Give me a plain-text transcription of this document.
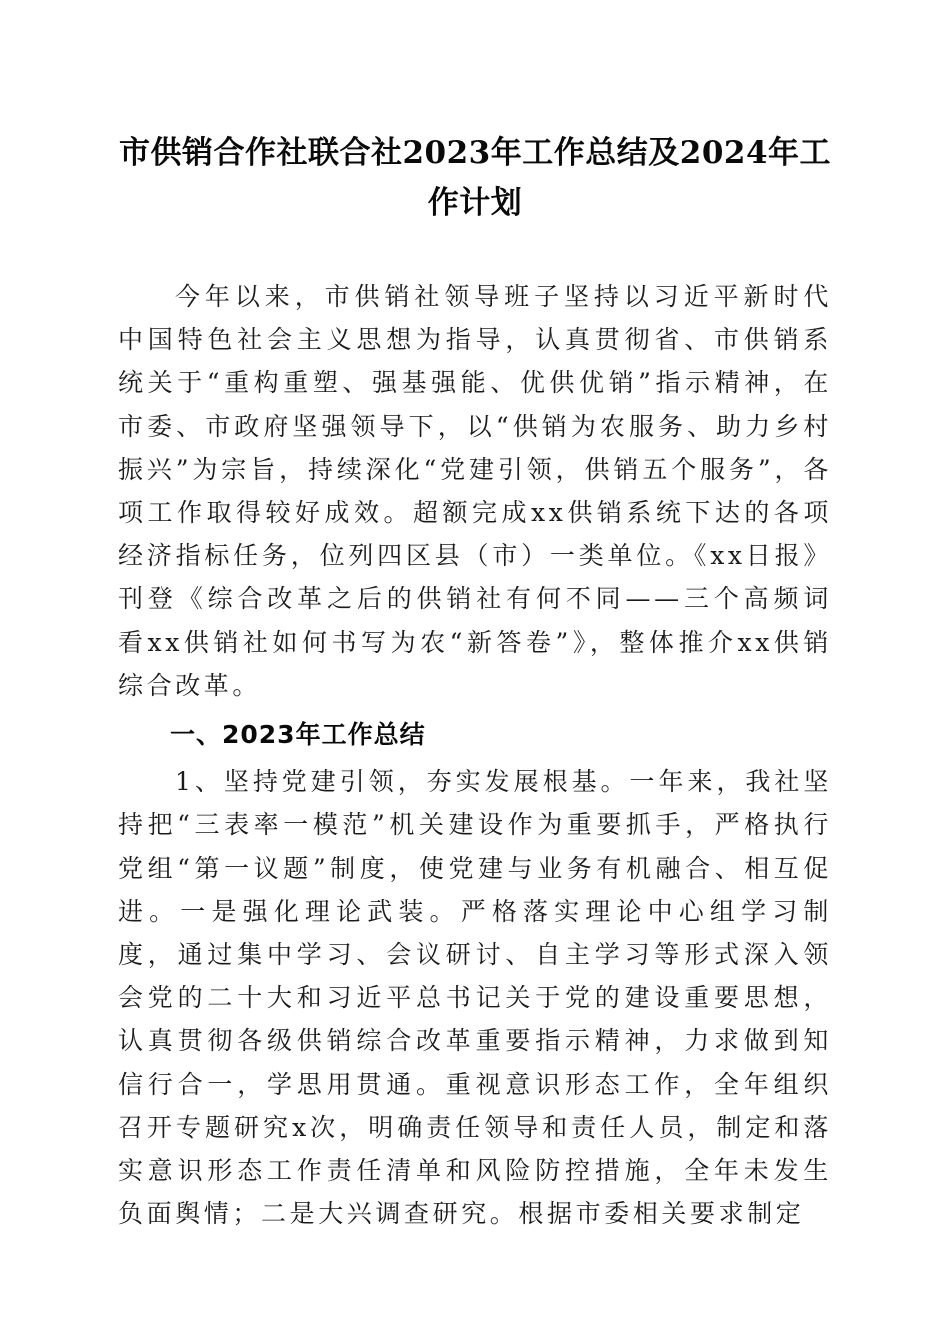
市供销合作社联合社2023年工作总结及2024年工作计划

今年以来，市供销社领导班子坚持以习近平新时代中国特色社会主义思想为指导，认真贯彻省、市供销系统关于“重构重塑、强基强能、优供优销”指示精神，在市委、市政府坚强领导下，以“供销为农服务、助力乡村振兴”为宗旨，持续深化“党建引领，供销五个服务”，各项工作取得较好成效。超额完成xx供销系统下达的各项经济指标任务，位列四区县（市）一类单位。《xx日报》刊登《综合改革之后的供销社有何不同——三个高频词看xx供销社如何书写为农“新答卷”》，整体推介xx供销综合改革。

一、2023年工作总结

1、坚持党建引领，夯实发展根基。一年来，我社坚持把“三表率一模范”机关建设作为重要抓手，严格执行党组“第一议题”制度，使党建与业务有机融合、相互促进。一是强化理论武装。严格落实理论中心组学习制度，通过集中学习、会议研讨、自主学习等形式深入领会党的二十大和习近平总书记关于党的建设重要思想，认真贯彻各级供销综合改革重要指示精神，力求做到知信行合一，学思用贯通。重视意识形态工作，全年组织召开专题研究x次，明确责任领导和责任人员，制定和落实意识形态工作责任清单和风险防控措施，全年未发生负面舆情；二是大兴调查研究。根据市委相关要求制定
